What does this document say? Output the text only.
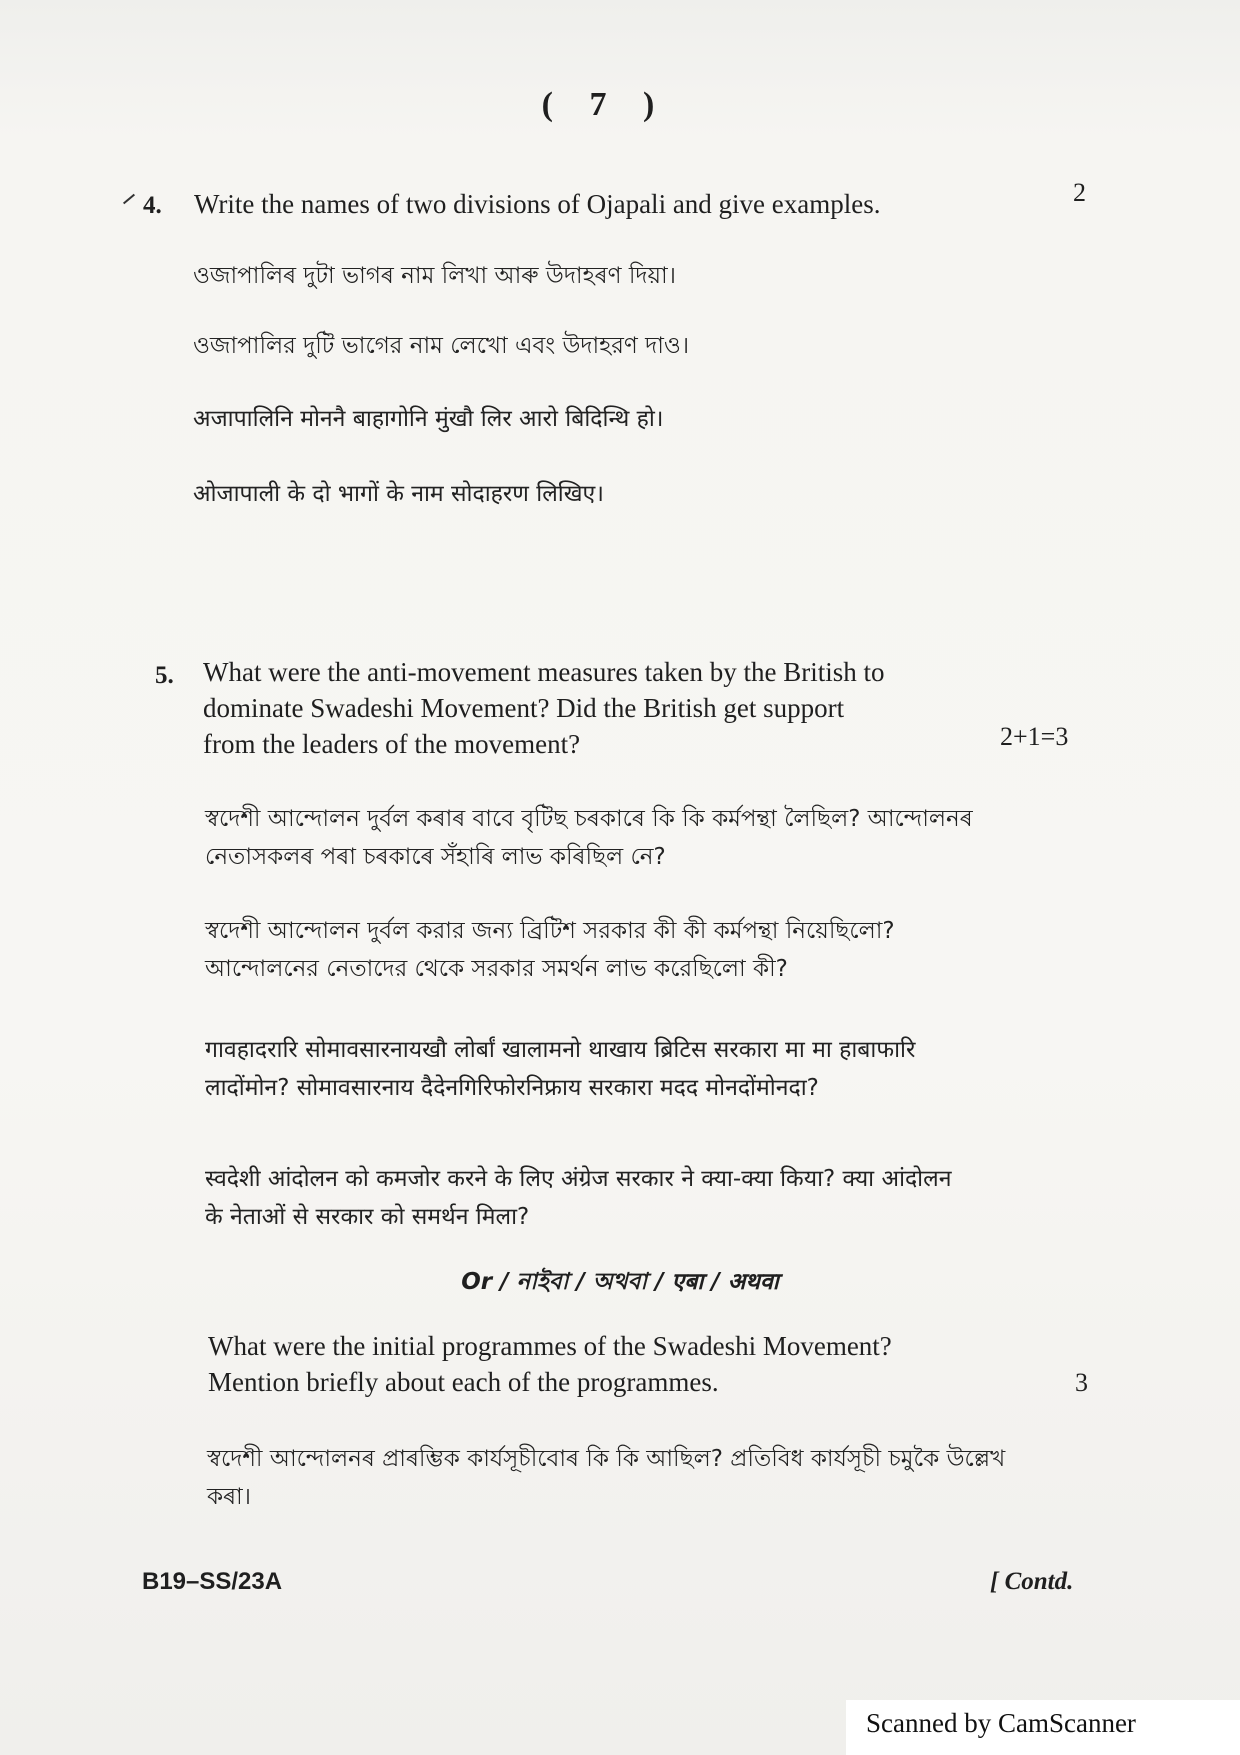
( 7 )
4. Write the names of two divisions of Ojapali and give examples.	2
ওজাপালিৰ দুটা ভাগৰ নাম লিখা আৰু উদাহৰণ দিয়া।
ওজাপালির দুটি ভাগের নাম লেখো এবং উদাহরণ দাও।
अजापालिनि मोननै बाहागोनि मुंखौ लिर आरो बिदिन्थि हो।
ओजापाली के दो भागों के नाम सोदाहरण लिखिए।
5. What were the anti-movement measures taken by the British to
dominate Swadeshi Movement? Did the British get support
from the leaders of the movement?	2+1=3
স্বদেশী আন্দোলন দুৰ্বল কৰাৰ বাবে বৃটিছ চৰকাৰে কি কি কৰ্মপন্থা লৈছিল? আন্দোলনৰ
নেতাসকলৰ পৰা চৰকাৰে সঁহাৰি লাভ কৰিছিল নে?
স্বদেশী আন্দোলন দুর্বল করার জন্য ব্রিটিশ সরকার কী কী কর্মপন্থা নিয়েছিলো?
আন্দোলনের নেতাদের থেকে সরকার সমর্থন লাভ করেছিলো কী?
गावहादरारि सोमावसारनायखौ लोर्बां खालामनो थाखाय ब्रिटिस सरकारा मा मा हाबाफारि
लादोंमोन? सोमावसारनाय दैदेनगिरिफोरनिफ्राय सरकारा मदद मोनदोंमोनदा?
स्वदेशी आंदोलन को कमजोर करने के लिए अंग्रेज सरकार ने क्या-क्या किया? क्या आंदोलन
के नेताओं से सरकार को समर्थन मिला?
Or / নাইবা / অথবা / एबा / अथवा
What were the initial programmes of the Swadeshi Movement?
Mention briefly about each of the programmes.	3
স্বদেশী আন্দোলনৰ প্ৰাৰম্ভিক কাৰ্যসূচীবোৰ কি কি আছিল? প্ৰতিবিধ কাৰ্যসূচী চমুকৈ উল্লেখ
কৰা।
B19–SS/23A	[ Contd.
Scanned by CamScanner
